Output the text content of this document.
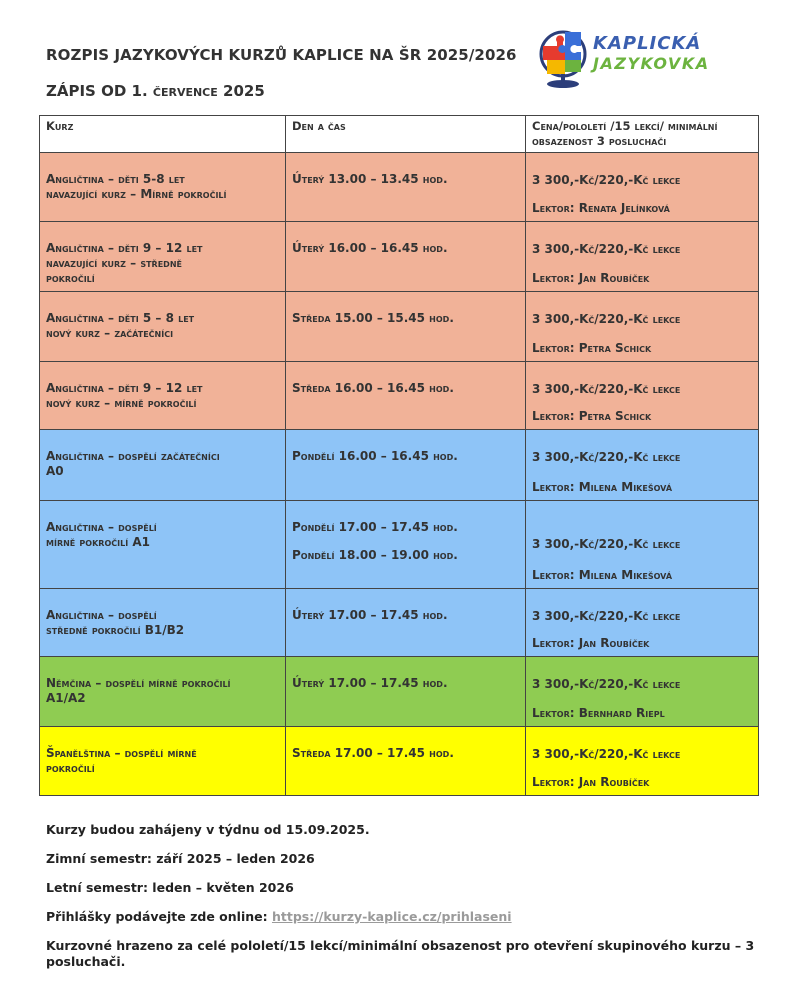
ROZPIS JAZYKOVÝCH KURZŮ KAPLICE NA ŠR 2025/2026
ZÁPIS OD 1. července 2025
KAPLICKÁ
JAZYKOVKA
Kurz	Den a čas	Cena/pololetí /15 lekcí/ minimální
obsazenost 3 posluchači
Angličtina – děti 5-8 let
navazující kurz – Mírně pokročilí	Úterý 13.00 – 13.45 hod.	3 300,-Kč/220,-Kč lekce
Lektor: Renata Jelínková

Angličtina – děti 9 – 12 let
navazující kurz – středně
pokročilí	Úterý 16.00 – 16.45 hod.	3 300,-Kč/220,-Kč lekce
Lektor: Jan Roubíček

Angličtina – děti 5 – 8 let
nový kurz – začátečníci	Středa 15.00 – 15.45 hod.	3 300,-Kč/220,-Kč lekce
Lektor: Petra Schick

Angličtina – děti 9 – 12 let
nový kurz – mírně pokročilí	Středa 16.00 – 16.45 hod.	3 300,-Kč/220,-Kč lekce
Lektor: Petra Schick

Angličtina – dospělí začátečníci
A0	Pondělí 16.00 – 16.45 hod.	3 300,-Kč/220,-Kč lekce
Lektor: Milena Mikešová

Angličtina – dospělí
mírně pokročilí A1	Pondělí 17.00 – 17.45 hod.
Pondělí 18.00 – 19.00 hod.	3 300,-Kč/220,-Kč lekce
Lektor: Milena Mikešová

Angličtina – dospělí
středně pokročilí B1/B2	Úterý 17.00 – 17.45 hod.	3 300,-Kč/220,-Kč lekce
Lektor: Jan Roubíček

Němčina – dospělí mírně pokročilí
A1/A2	Úterý 17.00 – 17.45 hod.	3 300,-Kč/220,-Kč lekce
Lektor: Bernhard Riepl

Španělština – dospělí mírně
pokročilí	Středa 17.00 – 17.45 hod.	3 300,-Kč/220,-Kč lekce
Lektor: Jan Roubíček

Kurzy budou zahájeny v týdnu od 15.09.2025.

Zimní semestr: září 2025 – leden 2026

Letní semestr: leden – květen 2026

Přihlášky podávejte zde online: https://kurzy-kaplice.cz/prihlaseni

Kurzovné hrazeno za celé pololetí/15 lekcí/minimální obsazenost pro otevření skupinového kurzu – 3 posluchači.
